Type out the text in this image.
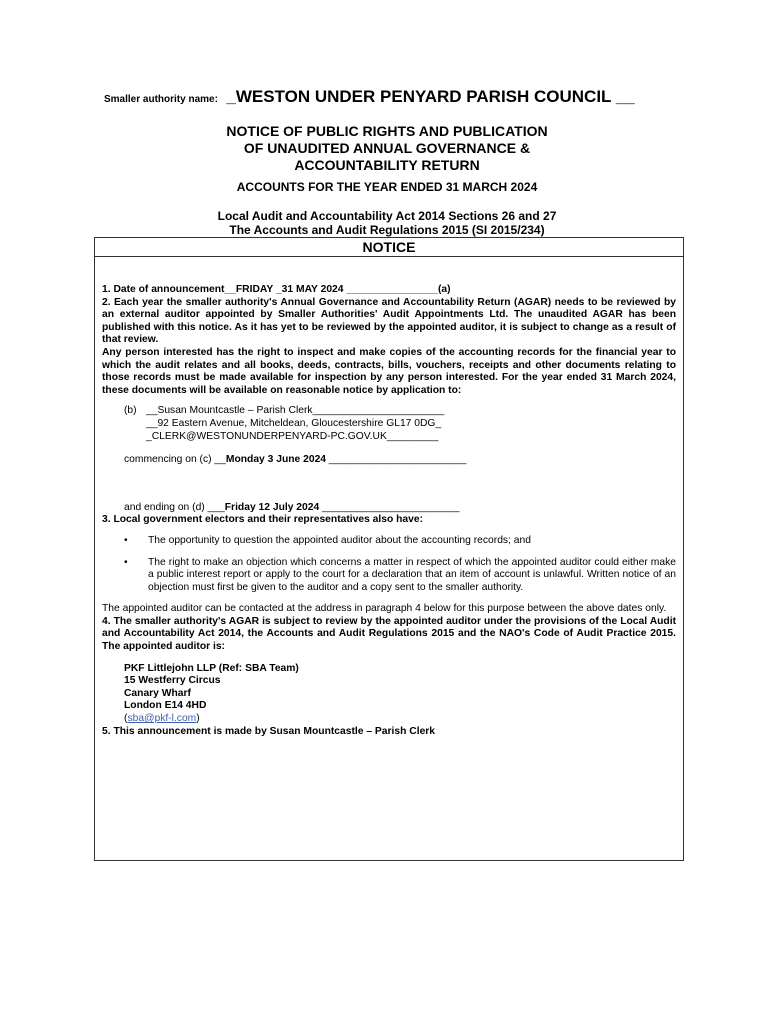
Smaller authority name: _WESTON UNDER PENYARD PARISH COUNCIL __
NOTICE OF PUBLIC RIGHTS AND PUBLICATION
OF UNAUDITED ANNUAL GOVERNANCE &
ACCOUNTABILITY RETURN
ACCOUNTS FOR THE YEAR ENDED 31 MARCH 2024
Local Audit and Accountability Act 2014 Sections 26 and 27
The Accounts and Audit Regulations 2015 (SI 2015/234)
NOTICE

1. Date of announcement__FRIDAY _31 MAY 2024 ________________(a)

2. Each year the smaller authority's Annual Governance and Accountability Return (AGAR) needs to be reviewed by an external auditor appointed by Smaller Authorities' Audit Appointments Ltd. The unaudited AGAR has been published with this notice. As it has yet to be reviewed by the appointed auditor, it is subject to change as a result of that review.

Any person interested has the right to inspect and make copies of the accounting records for the financial year to which the audit relates and all books, deeds, contracts, bills, vouchers, receipts and other documents relating to those records must be made available for inspection by any person interested. For the year ended 31 March 2024, these documents will be available on reasonable notice by application to:

(b) __Susan Mountcastle – Parish Clerk_______________________
__92 Eastern Avenue, Mitcheldean, Gloucestershire GL17 0DG_
_CLERK@WESTONUNDERPENYARD-PC.GOV.UK_________
commencing on (c) __Monday 3 June 2024 ________________________
and ending on (d) ___Friday 12 July 2024 ________________________

3. Local government electors and their representatives also have:

• The opportunity to question the appointed auditor about the accounting records; and
• The right to make an objection which concerns a matter in respect of which the appointed auditor could either make a public interest report or apply to the court for a declaration that an item of account is unlawful. Written notice of an objection must first be given to the auditor and a copy sent to the smaller authority.

The appointed auditor can be contacted at the address in paragraph 4 below for this purpose between the above dates only.

4. The smaller authority's AGAR is subject to review by the appointed auditor under the provisions of the Local Audit and Accountability Act 2014, the Accounts and Audit Regulations 2015 and the NAO's Code of Audit Practice 2015. The appointed auditor is:

PKF Littlejohn LLP (Ref: SBA Team)
15 Westferry Circus
Canary Wharf
London E14 4HD
(sba@pkf-l.com)

5. This announcement is made by Susan Mountcastle – Parish Clerk
